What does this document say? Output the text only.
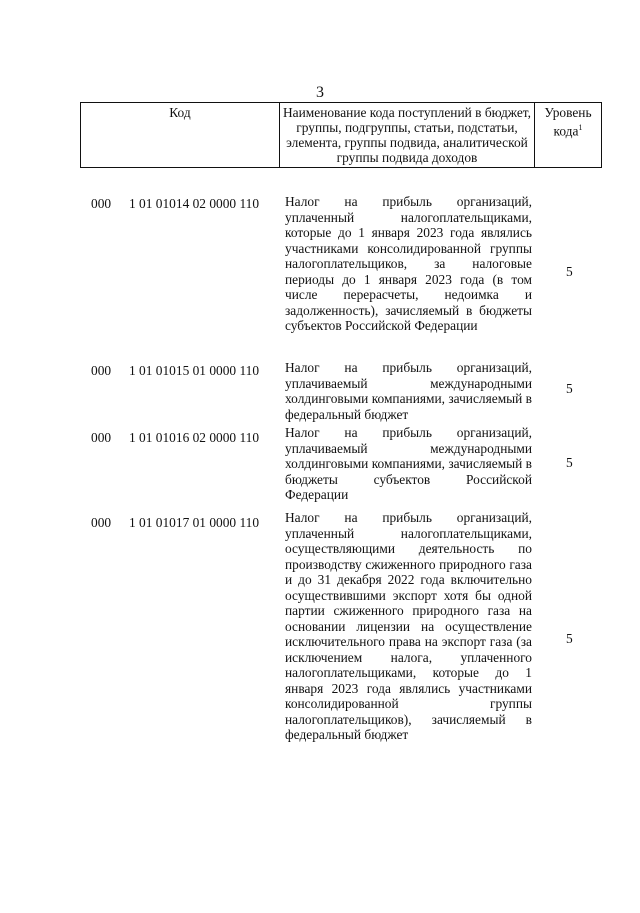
3
Код	Наименование кода поступлений в бюджет, группы, подгруппы, статьи, подстатьи, элемента, группы подвида, аналитической группы подвида доходов	Уровень кода$^1$
000 1 01 01014 02 0000 110 Налог на прибыль организаций, уплаченный налогоплательщиками, которые до 1 января 2023 года являлись участниками консолидированной группы налогоплательщиков, за налоговые периоды до 1 января 2023 года (в том числе перерасчеты, недоимка и задолженность), зачисляемый в бюджеты субъектов Российской Федерации
5
000 1 01 01015 01 0000 110 Налог на прибыль организаций, уплачиваемый международными холдинговыми компаниями, зачисляемый в федеральный бюджет
5
000 1 01 01016 02 0000 110 Налог на прибыль организаций, уплачиваемый международными холдинговыми компаниями, зачисляемый в бюджеты субъектов Российской Федерации
5
000 1 01 01017 01 0000 110 Налог на прибыль организаций, уплаченный налогоплательщиками, осуществляющими деятельность по производству сжиженного природного газа и до 31 декабря 2022 года включительно осуществившими экспорт хотя бы одной партии сжиженного природного газа на основании лицензии на осуществление исключительного права на экспорт газа (за исключением налога, уплаченного налогоплательщиками, которые до 1 января 2023 года являлись участниками консолидированной группы налогоплательщиков), зачисляемый в федеральный бюджет
5
